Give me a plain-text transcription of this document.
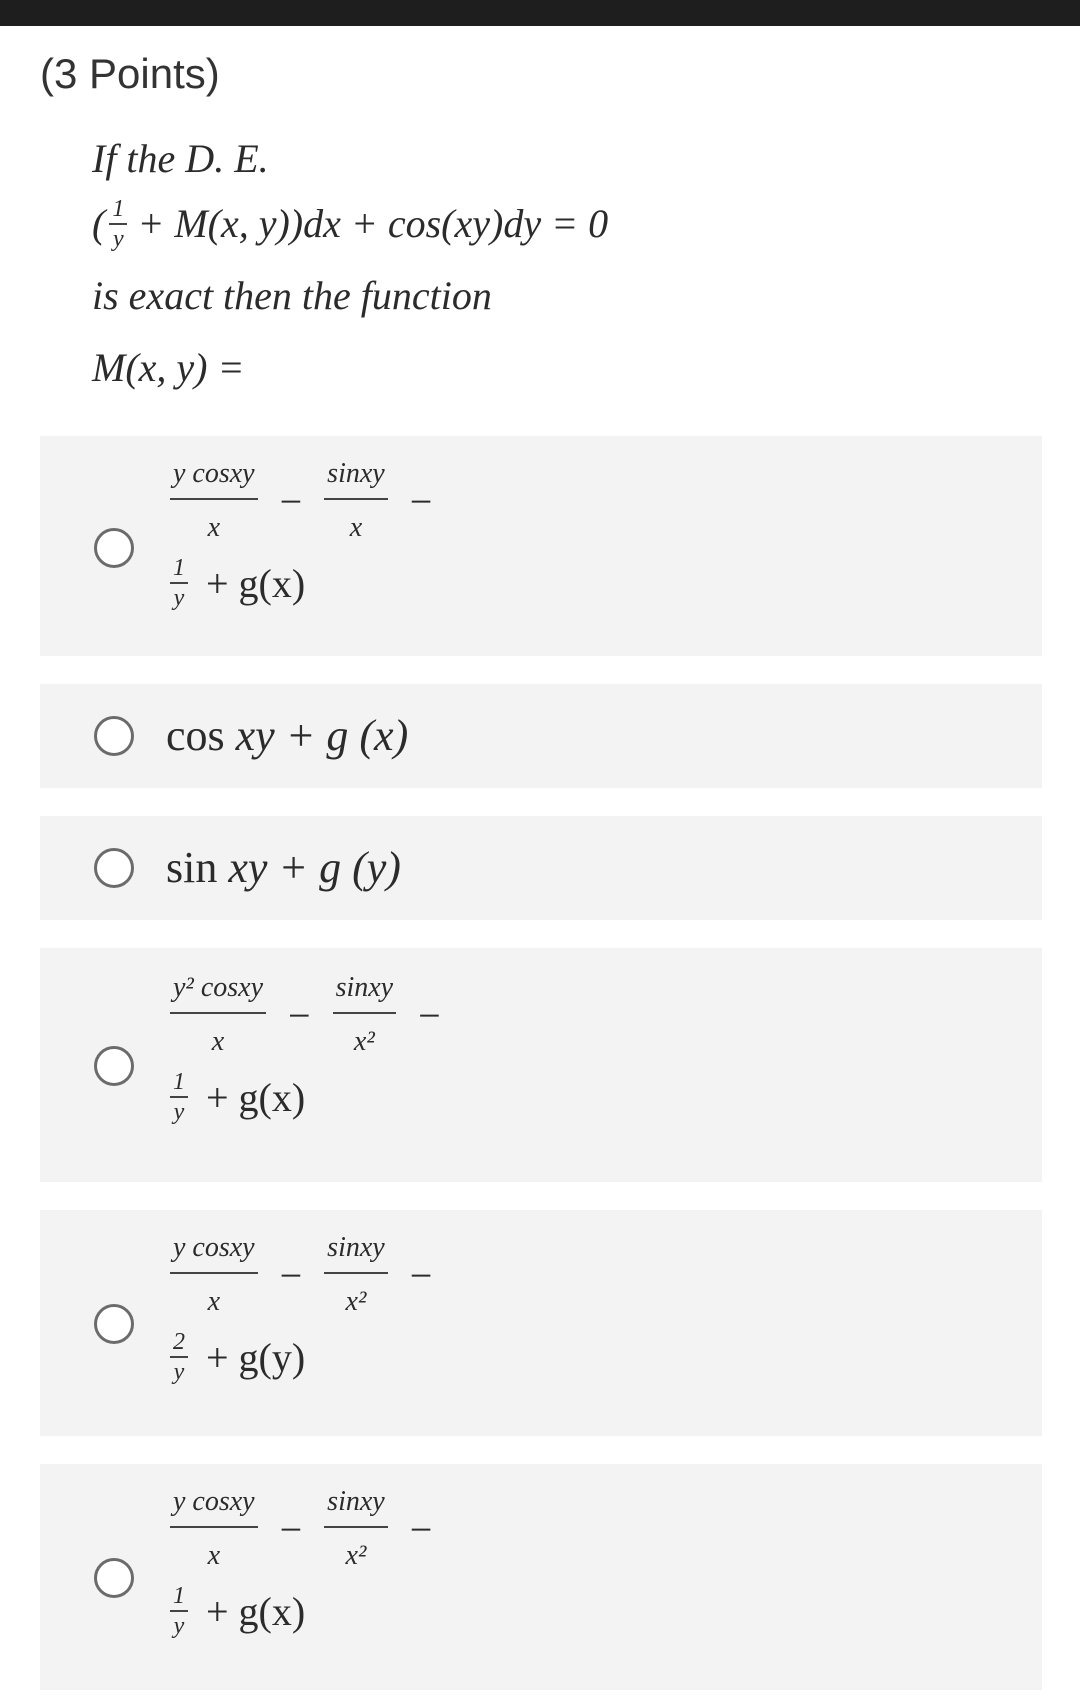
(3 Points)
If the D. E.
( $\frac{1}{y} + M(x$, y))dx + cos(xy)dy = 0
is exact then the function
M(x, y) =
$\frac{\text{y cosxy}}{x} - \frac{\text{sinxy}}{x}$ −
$\frac{1}{y} + g(x)$
cos xy + g (x)
sin xy + g (y)
$\frac{\text{y² cosxy}}{x} - \frac{\text{sinxy}}{\text{x²}}$ −
$\frac{1}{y} + g(x)$
$\frac{\text{y cosxy}}{x} - \frac{\text{sinxy}}{\text{x²}}$ −
$\frac{2}{y} + g(y)$
$\frac{\text{y cosxy}}{x} - \frac{\text{sinxy}}{\text{x²}}$ −
$\frac{1}{y} + g(x)$
